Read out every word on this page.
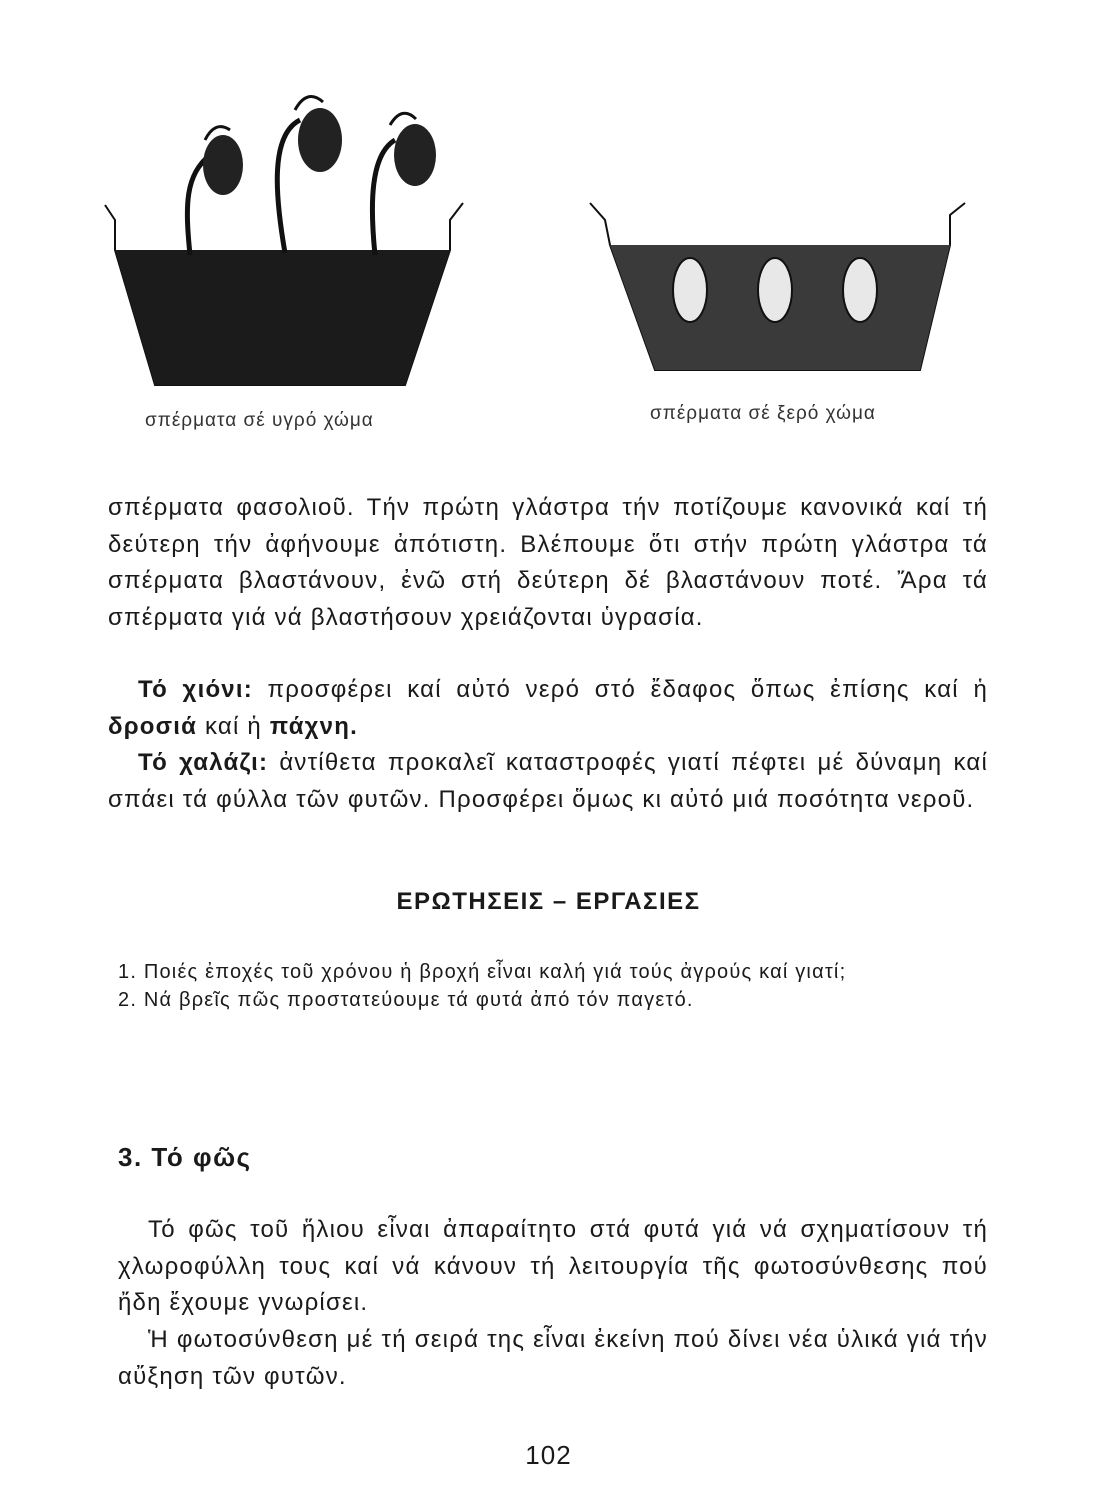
σπέρματα σέ υγρό χώμα	σπέρματα σέ ξερό χώμα
σπέρματα φασολιοῦ. Τήν πρώτη γλάστρα τήν ποτίζουμε κανονικά καί τή δεύτερη τήν ἀφήνουμε ἀπότιστη. Βλέπουμε ὅτι στήν πρώτη γλάστρα τά σπέρματα βλαστάνουν, ἐνῶ στή δεύτερη δέ βλαστάνουν ποτέ. Ἄρα τά σπέρματα γιά νά βλαστήσουν χρειάζονται ὑγρασία.
Τό χιόνι: προσφέρει καί αὐτό νερό στό ἔδαφος ὅπως ἐπίσης καί ἡ δροσιά καί ἡ πάχνη.
Τό χαλάζι: ἀντίθετα προκαλεῖ καταστροφές γιατί πέφτει μέ δύναμη καί σπάει τά φύλλα τῶν φυτῶν. Προσφέρει ὅμως κι αὐτό μιά ποσότητα νεροῦ.
ΕΡΩΤΗΣΕΙΣ – ΕΡΓΑΣΙΕΣ

1. Ποιές ἐποχές τοῦ χρόνου ἡ βροχή εἶναι καλή γιά τούς ἀγρούς καί γιατί;

2. Νά βρεῖς πῶς προστατεύουμε τά φυτά ἀπό τόν παγετό.

3. Τό φῶς
Τό φῶς τοῦ ἥλιου εἶναι ἀπαραίτητο στά φυτά γιά νά σχηματίσουν τή χλωροφύλλη τους καί νά κάνουν τή λειτουργία τῆς φωτοσύνθεσης πού ἤδη ἔχουμε γνωρίσει.
Ἡ φωτοσύνθεση μέ τή σειρά της εἶναι ἐκείνη πού δίνει νέα ὑλικά γιά τήν αὔξηση τῶν φυτῶν.
102
